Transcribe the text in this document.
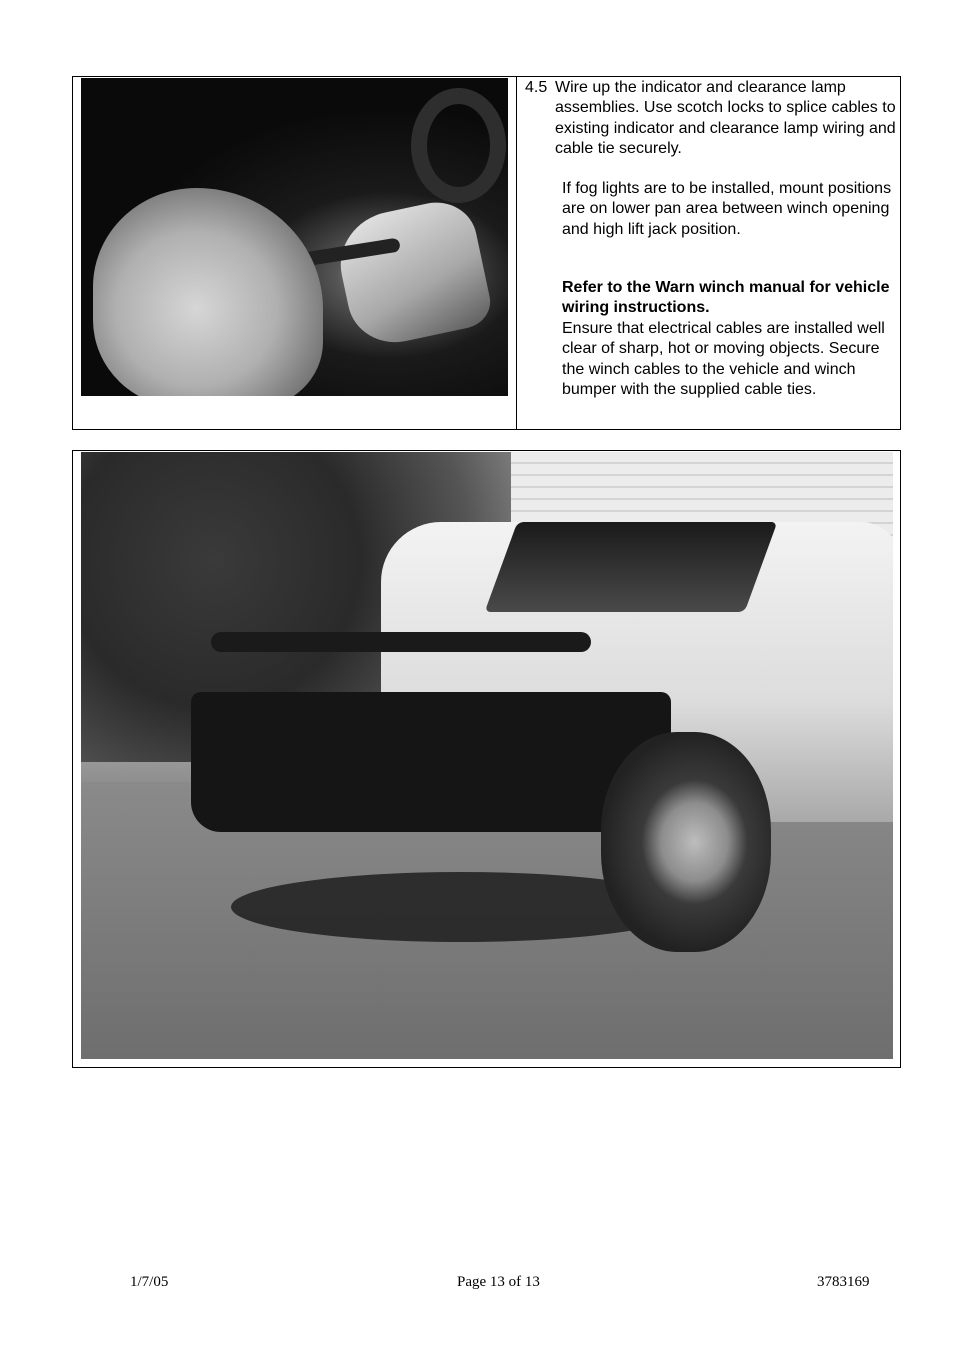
4.5 Wire up the indicator and clearance lamp assemblies. Use scotch locks to splice cables to existing indicator and clearance lamp wiring and cable tie securely.

If fog lights are to be installed, mount positions are on lower pan area between winch opening and high lift jack position.

Refer to the Warn winch manual for vehicle wiring instructions.

Ensure that electrical cables are installed well clear of sharp, hot or moving objects. Secure the winch cables to the vehicle and winch bumper with the supplied cable ties.

1/7/05	Page 13 of 13	3783169
